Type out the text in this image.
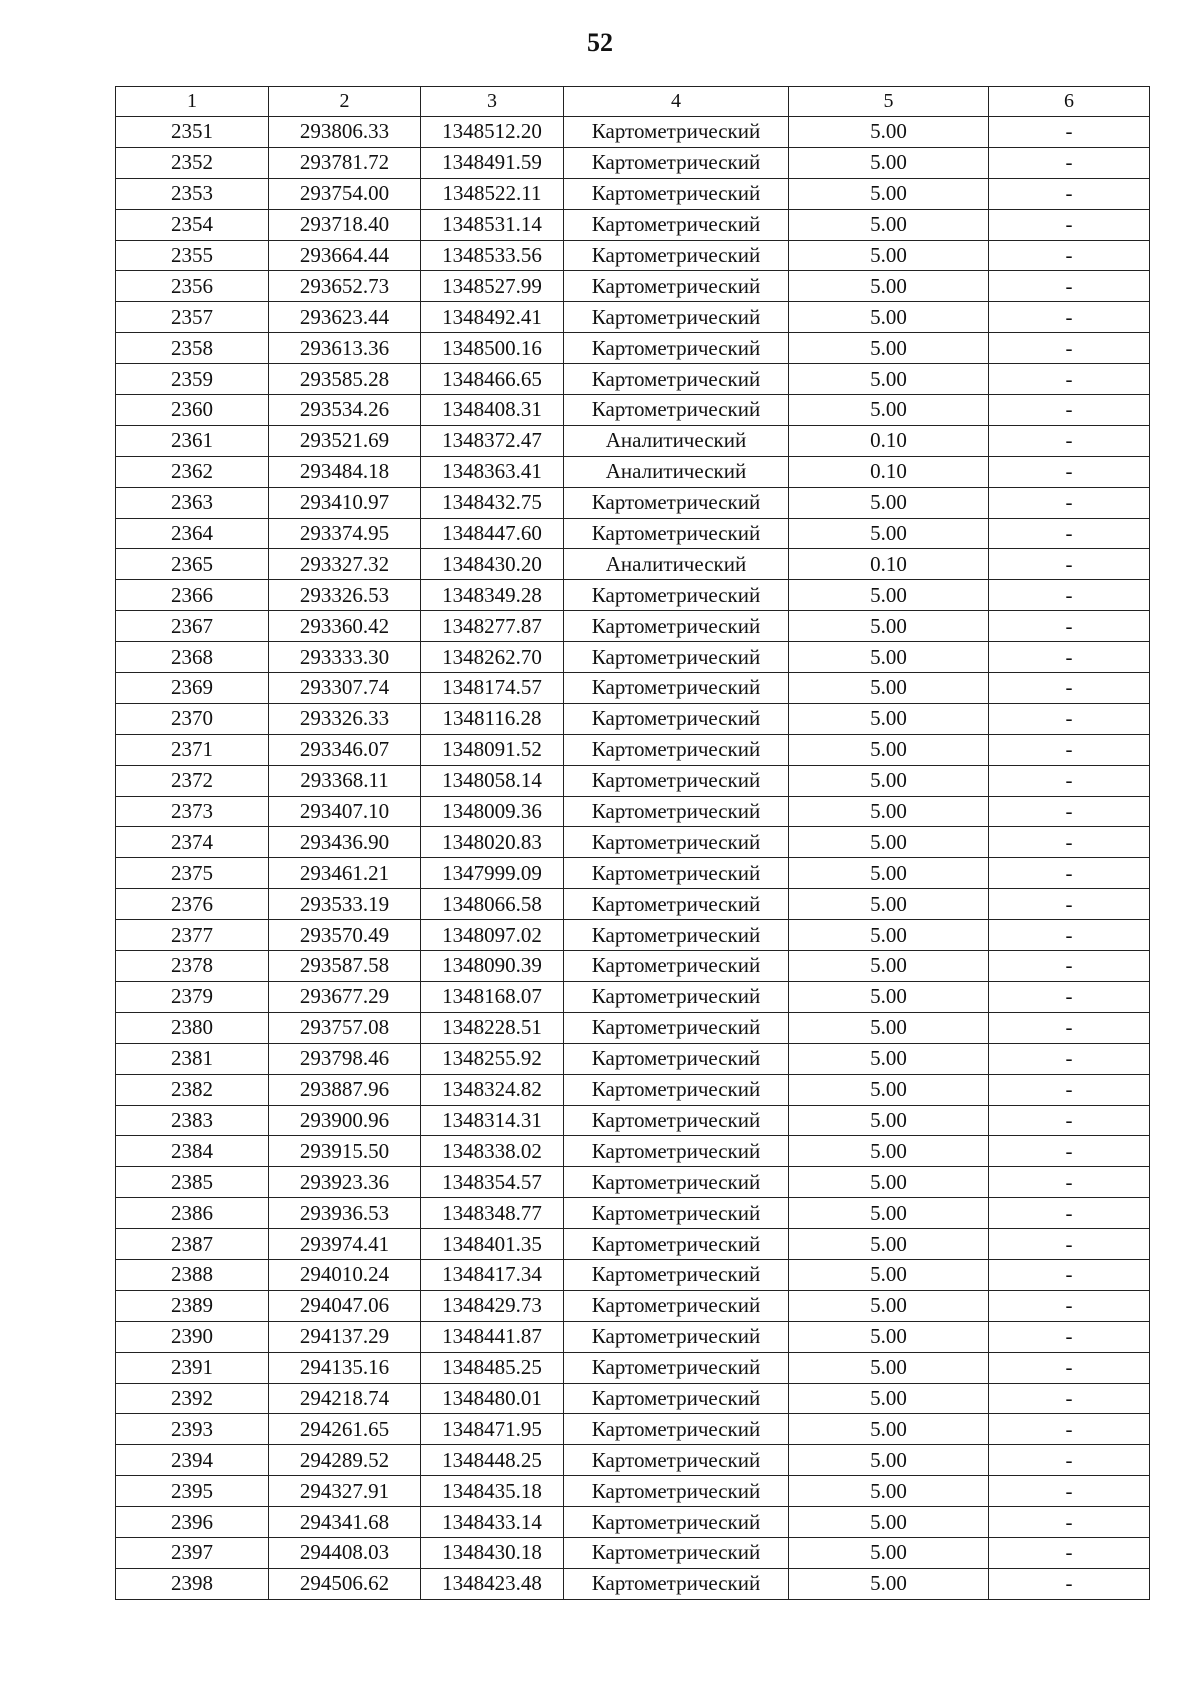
52
1	2	3	4	5	6
2351	293806.33	1348512.20	Картометрический	5.00	-
2352	293781.72	1348491.59	Картометрический	5.00	-
2353	293754.00	1348522.11	Картометрический	5.00	-
2354	293718.40	1348531.14	Картометрический	5.00	-
2355	293664.44	1348533.56	Картометрический	5.00	-
2356	293652.73	1348527.99	Картометрический	5.00	-
2357	293623.44	1348492.41	Картометрический	5.00	-
2358	293613.36	1348500.16	Картометрический	5.00	-
2359	293585.28	1348466.65	Картометрический	5.00	-
2360	293534.26	1348408.31	Картометрический	5.00	-
2361	293521.69	1348372.47	Аналитический	0.10	-
2362	293484.18	1348363.41	Аналитический	0.10	-
2363	293410.97	1348432.75	Картометрический	5.00	-
2364	293374.95	1348447.60	Картометрический	5.00	-
2365	293327.32	1348430.20	Аналитический	0.10	-
2366	293326.53	1348349.28	Картометрический	5.00	-
2367	293360.42	1348277.87	Картометрический	5.00	-
2368	293333.30	1348262.70	Картометрический	5.00	-
2369	293307.74	1348174.57	Картометрический	5.00	-
2370	293326.33	1348116.28	Картометрический	5.00	-
2371	293346.07	1348091.52	Картометрический	5.00	-
2372	293368.11	1348058.14	Картометрический	5.00	-
2373	293407.10	1348009.36	Картометрический	5.00	-
2374	293436.90	1348020.83	Картометрический	5.00	-
2375	293461.21	1347999.09	Картометрический	5.00	-
2376	293533.19	1348066.58	Картометрический	5.00	-
2377	293570.49	1348097.02	Картометрический	5.00	-
2378	293587.58	1348090.39	Картометрический	5.00	-
2379	293677.29	1348168.07	Картометрический	5.00	-
2380	293757.08	1348228.51	Картометрический	5.00	-
2381	293798.46	1348255.92	Картометрический	5.00	-
2382	293887.96	1348324.82	Картометрический	5.00	-
2383	293900.96	1348314.31	Картометрический	5.00	-
2384	293915.50	1348338.02	Картометрический	5.00	-
2385	293923.36	1348354.57	Картометрический	5.00	-
2386	293936.53	1348348.77	Картометрический	5.00	-
2387	293974.41	1348401.35	Картометрический	5.00	-
2388	294010.24	1348417.34	Картометрический	5.00	-
2389	294047.06	1348429.73	Картометрический	5.00	-
2390	294137.29	1348441.87	Картометрический	5.00	-
2391	294135.16	1348485.25	Картометрический	5.00	-
2392	294218.74	1348480.01	Картометрический	5.00	-
2393	294261.65	1348471.95	Картометрический	5.00	-
2394	294289.52	1348448.25	Картометрический	5.00	-
2395	294327.91	1348435.18	Картометрический	5.00	-
2396	294341.68	1348433.14	Картометрический	5.00	-
2397	294408.03	1348430.18	Картометрический	5.00	-
2398	294506.62	1348423.48	Картометрический	5.00	-
